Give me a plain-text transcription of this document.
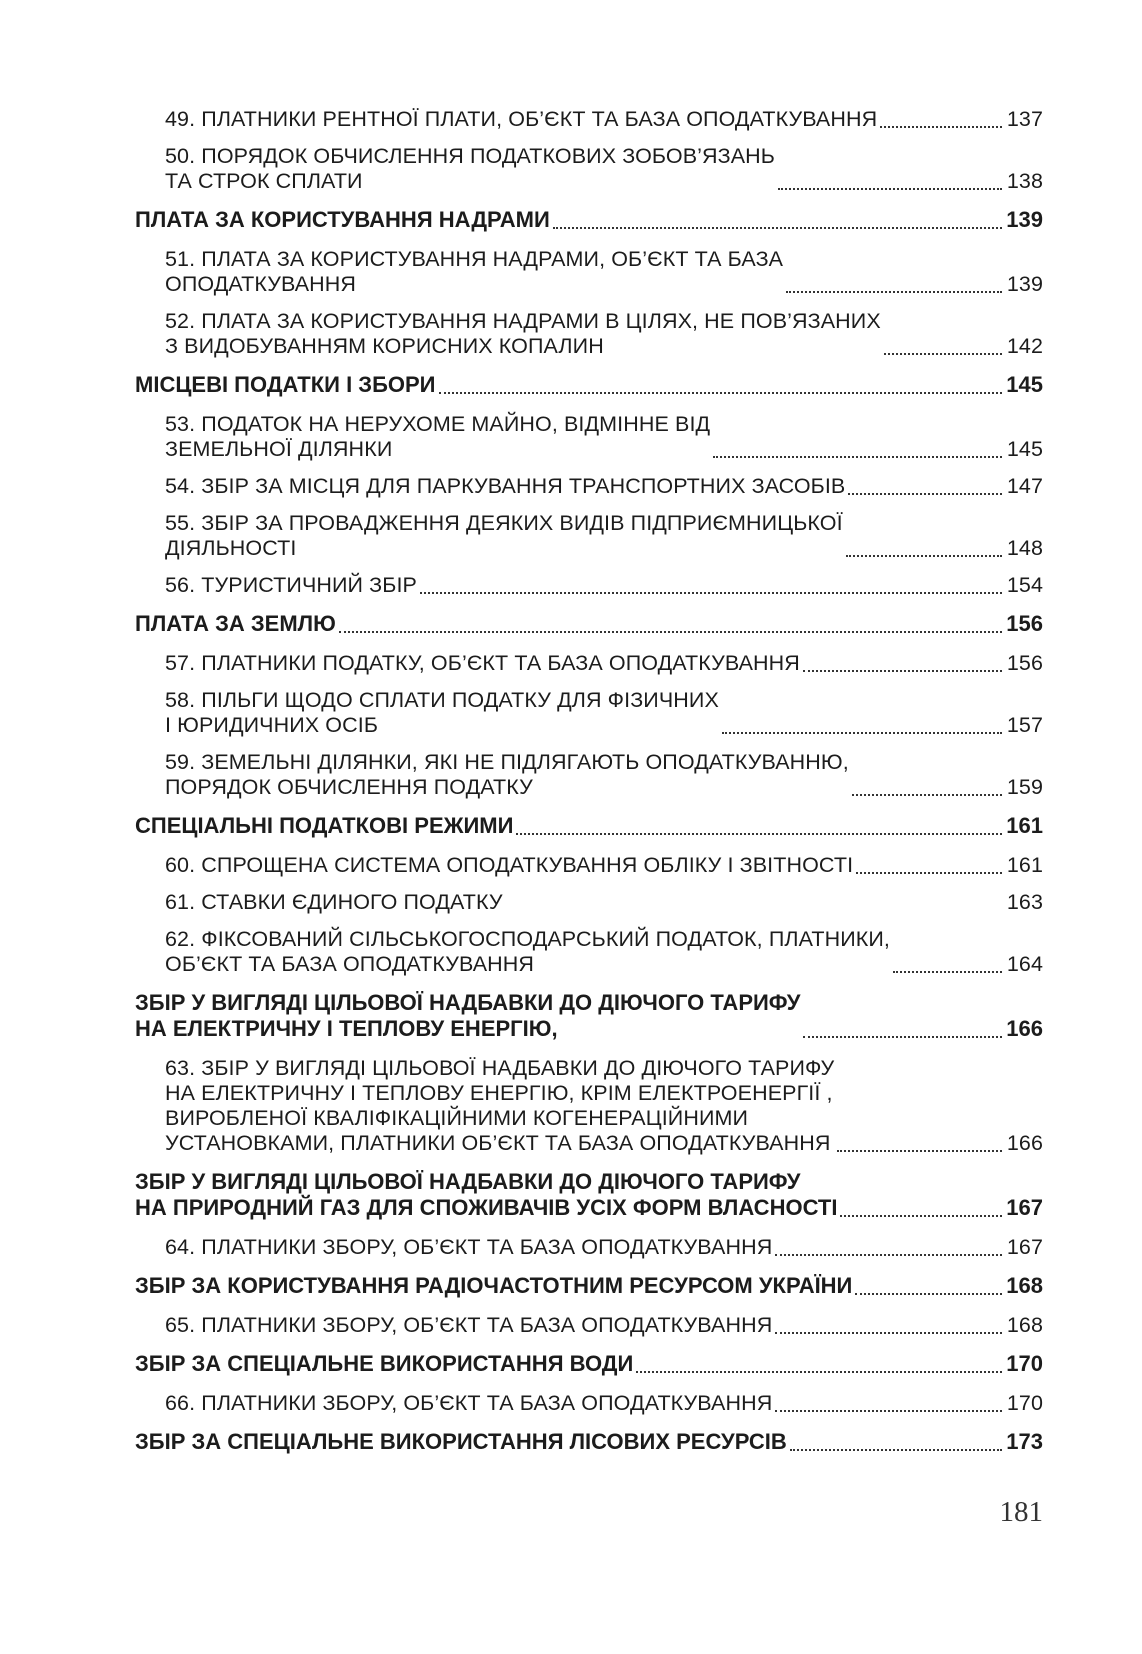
49. ПЛАТНИКИ РЕНТНОЇ ПЛАТИ, ОБ’ЄКТ ТА БАЗА ОПОДАТКУВАННЯ	137
50. ПОРЯДОК ОБЧИСЛЕННЯ ПОДАТКОВИХ ЗОБОВ’ЯЗАНЬ
ТА СТРОК СПЛАТИ	138
ПЛАТА ЗА КОРИСТУВАННЯ НАДРАМИ	139
51. ПЛАТА ЗА КОРИСТУВАННЯ НАДРАМИ, ОБ’ЄКТ ТА БАЗА
ОПОДАТКУВАННЯ	139
52. ПЛАТА ЗА КОРИСТУВАННЯ НАДРАМИ В ЦІЛЯХ, НЕ ПОВ’ЯЗАНИХ
З ВИДОБУВАННЯМ КОРИСНИХ КОПАЛИН	142
МІСЦЕВІ ПОДАТКИ І ЗБОРИ	145
53. ПОДАТОК НА НЕРУХОМЕ МАЙНО, ВІДМІННЕ ВІД
ЗЕМЕЛЬНОЇ ДІЛЯНКИ	145
54. ЗБІР ЗА МІСЦЯ ДЛЯ ПАРКУВАННЯ ТРАНСПОРТНИХ ЗАСОБІВ	147
55. ЗБІР ЗА ПРОВАДЖЕННЯ ДЕЯКИХ ВИДІВ ПІДПРИЄМНИЦЬКОЇ
ДІЯЛЬНОСТІ	148
56. ТУРИСТИЧНИЙ ЗБІР	154
ПЛАТА ЗА ЗЕМЛЮ	156
57. ПЛАТНИКИ ПОДАТКУ, ОБ’ЄКТ ТА БАЗА ОПОДАТКУВАННЯ	156
58. ПІЛЬГИ ЩОДО СПЛАТИ ПОДАТКУ ДЛЯ ФІЗИЧНИХ
І ЮРИДИЧНИХ ОСІБ	157
59. ЗЕМЕЛЬНІ ДІЛЯНКИ, ЯКІ НЕ ПІДЛЯГАЮТЬ ОПОДАТКУВАННЮ,
ПОРЯДОК ОБЧИСЛЕННЯ ПОДАТКУ	159
СПЕЦІАЛЬНІ ПОДАТКОВІ РЕЖИМИ	161
60. СПРОЩЕНА СИСТЕМА ОПОДАТКУВАННЯ ОБЛІКУ І ЗВІТНОСТІ	161
61. СТАВКИ ЄДИНОГО ПОДАТКУ	163
62. ФІКСОВАНИЙ СІЛЬСЬКОГОСПОДАРСЬКИЙ ПОДАТОК, ПЛАТНИКИ,
ОБ’ЄКТ ТА БАЗА ОПОДАТКУВАННЯ	164
ЗБІР У ВИГЛЯДІ ЦІЛЬОВОЇ НАДБАВКИ ДО ДІЮЧОГО ТАРИФУ
НА ЕЛЕКТРИЧНУ І ТЕПЛОВУ ЕНЕРГІЮ,	166
63. ЗБІР У ВИГЛЯДІ ЦІЛЬОВОЇ НАДБАВКИ ДО ДІЮЧОГО ТАРИФУ
НА ЕЛЕКТРИЧНУ І ТЕПЛОВУ ЕНЕРГІЮ, КРІМ ЕЛЕКТРОЕНЕРГІЇ ,
ВИРОБЛЕНОЇ КВАЛІФІКАЦІЙНИМИ КОГЕНЕРАЦІЙНИМИ
УСТАНОВКАМИ, ПЛАТНИКИ ОБ’ЄКТ ТА БАЗА ОПОДАТКУВАННЯ	166
ЗБІР У ВИГЛЯДІ ЦІЛЬОВОЇ НАДБАВКИ ДО ДІЮЧОГО ТАРИФУ
НА ПРИРОДНИЙ ГАЗ ДЛЯ СПОЖИВАЧІВ УСІХ ФОРМ ВЛАСНОСТІ	167
64. ПЛАТНИКИ ЗБОРУ, ОБ’ЄКТ ТА БАЗА ОПОДАТКУВАННЯ	167
ЗБІР ЗА КОРИСТУВАННЯ РАДІОЧАСТОТНИМ РЕСУРСОМ УКРАЇНИ	168
65. ПЛАТНИКИ ЗБОРУ, ОБ’ЄКТ ТА БАЗА ОПОДАТКУВАННЯ	168
ЗБІР ЗА СПЕЦІАЛЬНЕ ВИКОРИСТАННЯ ВОДИ	170
66. ПЛАТНИКИ ЗБОРУ, ОБ’ЄКТ ТА БАЗА ОПОДАТКУВАННЯ	170
ЗБІР ЗА СПЕЦІАЛЬНЕ ВИКОРИСТАННЯ ЛІСОВИХ РЕСУРСІВ	173
181
